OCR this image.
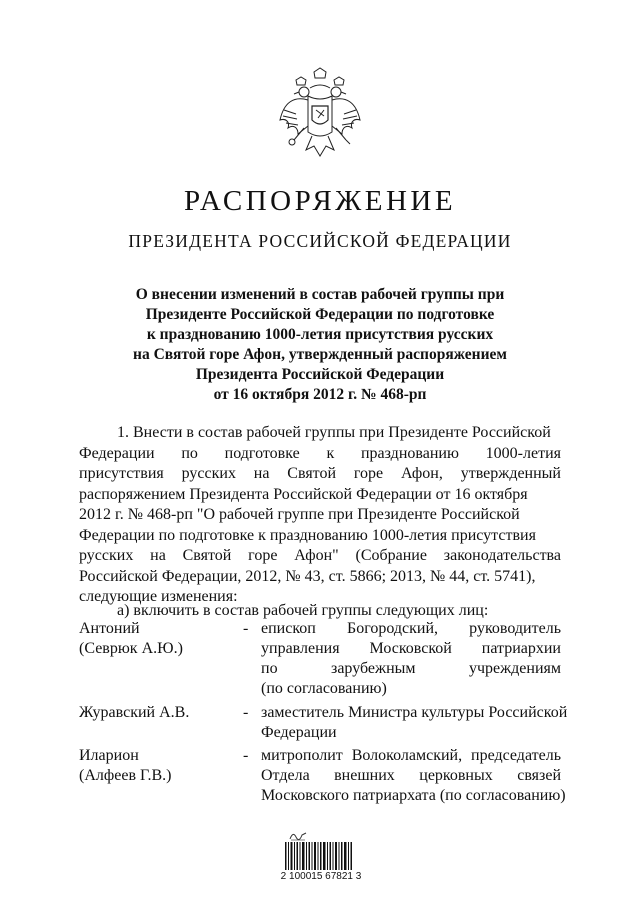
РАСПОРЯЖЕНИЕ
ПРЕЗИДЕНТА РОССИЙСКОЙ ФЕДЕРАЦИИ
О внесении изменений в состав рабочей группы при
Президенте Российской Федерации по подготовке
к празднованию 1000-летия присутствия русских
на Святой горе Афон, утвержденный распоряжением
Президента Российской Федерации
от 16 октября 2012 г. № 468-рп
1. Внести в состав рабочей группы при Президенте Российской
Федерации по подготовке к празднованию 1000-летия
присутствия русских на Святой горе Афон, утвержденный
распоряжением Президента Российской Федерации от 16 октября
2012 г. № 468-рп "О рабочей группе при Президенте Российской
Федерации по подготовке к празднованию 1000-летия присутствия
русских на Святой горе Афон" (Собрание законодательства
Российской Федерации, 2012, № 43, ст. 5866; 2013, № 44, ст. 5741),
следующие изменения:
а) включить в состав рабочей группы следующих лиц:
Антоний
(Севрюк А.Ю.)
- епископ Богородский, руководитель
управления Московской патриархии
по зарубежным учреждениям
(по согласованию)
Журавский А.В.	- заместитель Министра культуры Российской
Федерации
Иларион
(Алфеев Г.В.)
- митрополит Волоколамский, председатель
Отдела внешних церковных связей
Московского патриархата (по согласованию)
2 100015 67821 3
